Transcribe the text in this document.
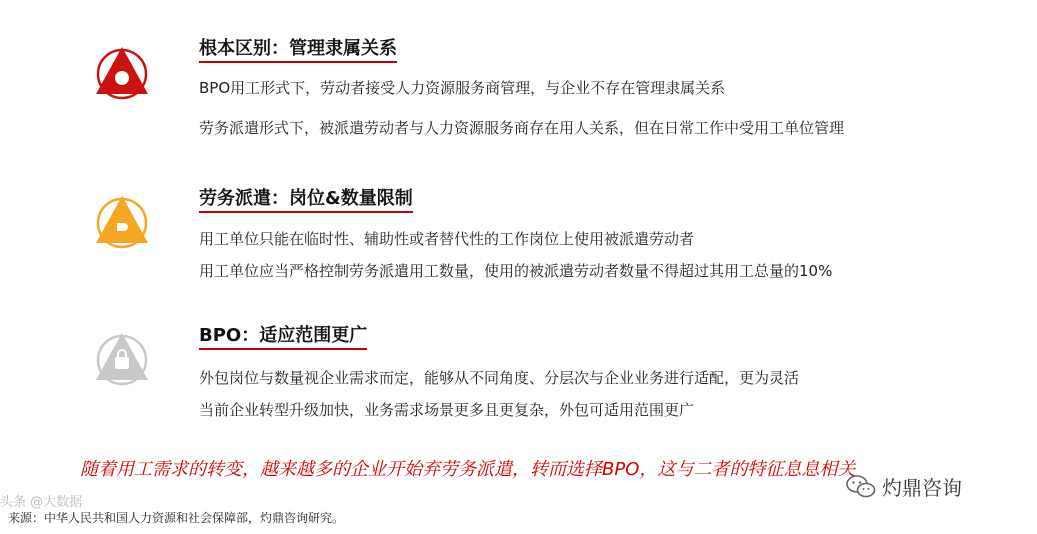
根本区别：管理隶属关系
BPO用工形式下，劳动者接受人力资源服务商管理，与企业不存在管理隶属关系
劳务派遣形式下，被派遣劳动者与人力资源服务商存在用人关系，但在日常工作中受用工单位管理
劳务派遣：岗位&数量限制
用工单位只能在临时性、辅助性或者替代性的工作岗位上使用被派遣劳动者
用工单位应当严格控制劳务派遣用工数量，使用的被派遣劳动者数量不得超过其用工总量的10%
BPO：适应范围更广
外包岗位与数量视企业需求而定，能够从不同角度、分层次与企业业务进行适配，更为灵活
当前企业转型升级加快，业务需求场景更多且更复杂，外包可适用范围更广
随着用工需求的转变，越来越多的企业开始弃劳务派遣，转而选择BPO，这与二者的特征息息相关
头条 @大数据
来源：中华人民共和国人力资源和社会保障部，灼鼎咨询研究。
灼鼎咨询
